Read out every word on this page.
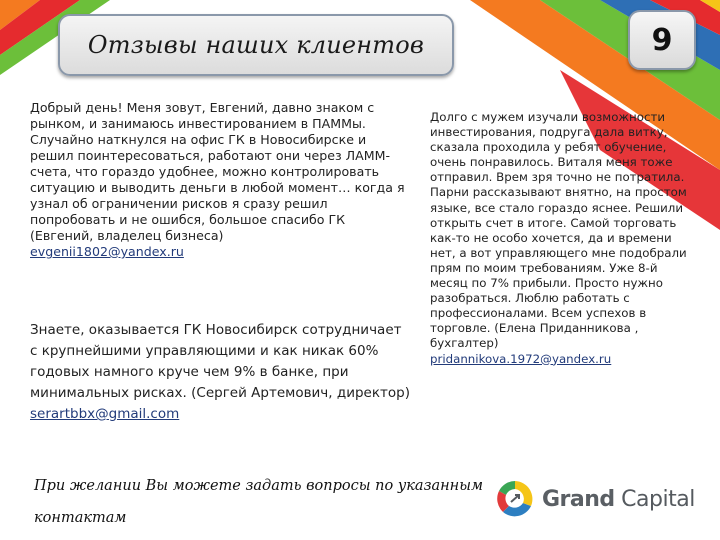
Отзывы наших клиентов	9
Добрый день! Меня зовут, Евгений, давно знаком с рынком, и занимаюсь инвестированием в ПАММы. Случайно наткнулся на офис ГК в Новосибирске и решил поинтересоваться, работают они через ЛАММ-счета, что гораздо удобнее, можно контролировать ситуацию и выводить деньги в любой момент… когда я узнал об ограничении рисков я сразу решил попробовать и не ошибся, большое спасибо ГК (Евгений, владелец бизнеса)
evgenii1802@yandex.ru
Знаете, оказывается ГК Новосибирск сотрудничает с крупнейшими управляющими и как никак 60% годовых намного круче чем 9% в банке, при минимальных рисках. (Сергей Артемович, директор)
serartbbx@gmail.com
Долго с мужем изучали возможности инвестирования, подруга дала витку, сказала проходила у ребят обучение, очень понравилось. Виталя меня тоже отправил. Врем зря точно не потратила. Парни рассказывают внятно, на простом языке, все стало гораздо яснее. Решили открыть счет в итоге. Самой торговать как-то не особо хочется, да и времени нет, а вот управляющего мне подобрали прям по моим требованиям. Уже 8-й месяц по 7% прибыли. Просто нужно разобраться. Люблю работать с профессионалами. Всем успехов в торговле. (Елена Приданникова , бухгалтер)
pridannikova.1972@yandex.ru
При желании Вы можете задать вопросы по указанным контактам
Grand Capital
